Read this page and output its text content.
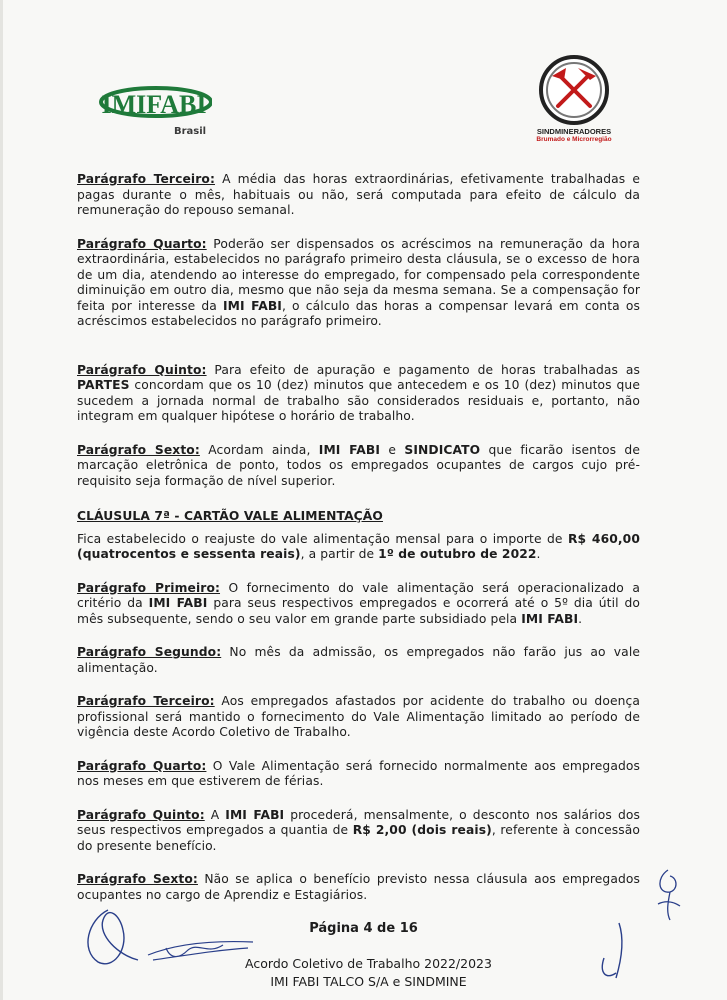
IMIFABI
Brasil	SINDMINERADORES
Brumado e Microrregião

Parágrafo Terceiro: A média das horas extraordinárias, efetivamente trabalhadas e pagas durante o mês, habituais ou não, será computada para efeito de cálculo da remuneração do repouso semanal.

Parágrafo Quarto: Poderão ser dispensados os acréscimos na remuneração da hora extraordinária, estabelecidos no parágrafo primeiro desta cláusula, se o excesso de hora de um dia, atendendo ao interesse do empregado, for compensado pela correspondente diminuição em outro dia, mesmo que não seja da mesma semana. Se a compensação for feita por interesse da IMI FABI, o cálculo das horas a compensar levará em conta os acréscimos estabelecidos no parágrafo primeiro.

Parágrafo Quinto: Para efeito de apuração e pagamento de horas trabalhadas as PARTES concordam que os 10 (dez) minutos que antecedem e os 10 (dez) minutos que sucedem a jornada normal de trabalho são considerados residuais e, portanto, não integram em qualquer hipótese o horário de trabalho.

Parágrafo Sexto: Acordam ainda, IMI FABI e SINDICATO que ficarão isentos de marcação eletrônica de ponto, todos os empregados ocupantes de cargos cujo pré-requisito seja formação de nível superior.

CLÁUSULA 7ª - CARTÃO VALE ALIMENTAÇÃO

Fica estabelecido o reajuste do vale alimentação mensal para o importe de R$ 460,00 (quatrocentos e sessenta reais), a partir de 1º de outubro de 2022.

Parágrafo Primeiro: O fornecimento do vale alimentação será operacionalizado a critério da IMI FABI para seus respectivos empregados e ocorrerá até o 5º dia útil do mês subsequente, sendo o seu valor em grande parte subsidiado pela IMI FABI.

Parágrafo Segundo: No mês da admissão, os empregados não farão jus ao vale alimentação.

Parágrafo Terceiro: Aos empregados afastados por acidente do trabalho ou doença profissional será mantido o fornecimento do Vale Alimentação limitado ao período de vigência deste Acordo Coletivo de Trabalho.

Parágrafo Quarto: O Vale Alimentação será fornecido normalmente aos empregados nos meses em que estiverem de férias.

Parágrafo Quinto: A IMI FABI procederá, mensalmente, o desconto nos salários dos seus respectivos empregados a quantia de R$ 2,00 (dois reais), referente à concessão do presente benefício.

Parágrafo Sexto: Não se aplica o benefício previsto nessa cláusula aos empregados ocupantes no cargo de Aprendiz e Estagiários.

Página 4 de 16
Acordo Coletivo de Trabalho 2022/2023
IMI FABI TALCO S/A e SINDMINE
